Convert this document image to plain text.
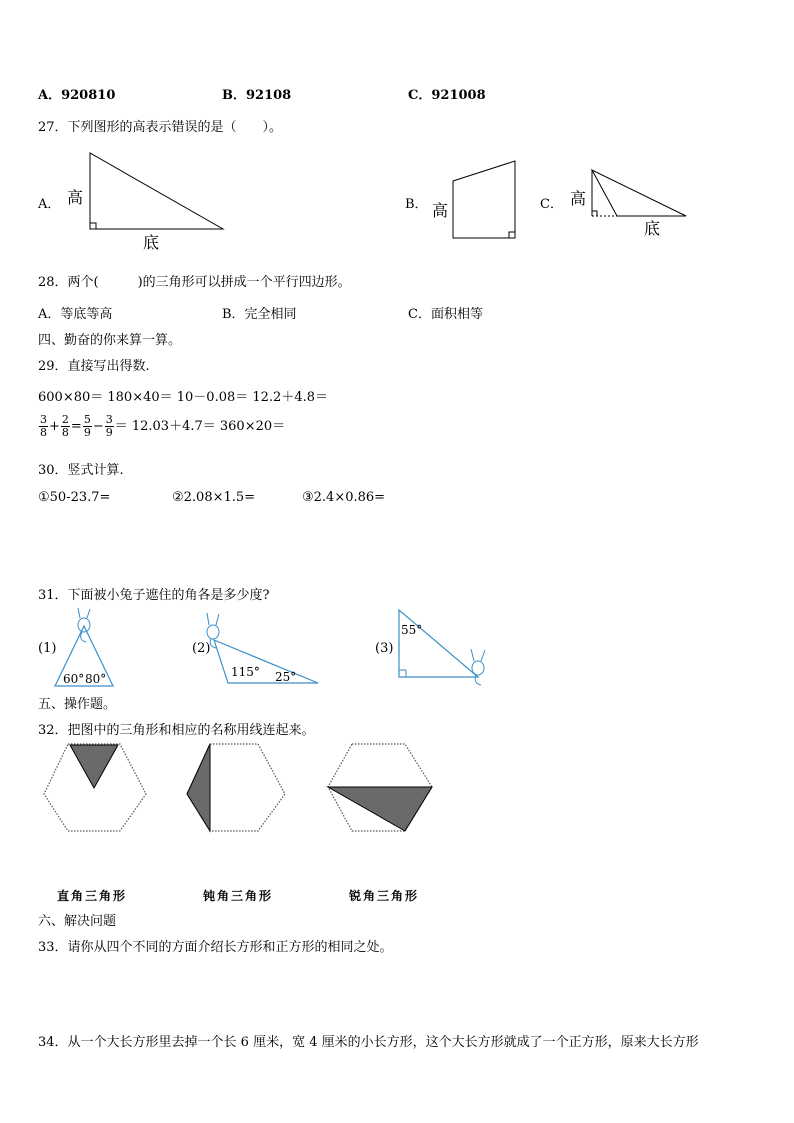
A．920810	B．92108	C．921008
27．下列图形的高表示错误的是（　　）。
A．	B．	C．
高
底
高
高
底
28．两个(　　　)的三角形可以拼成一个平行四边形。
A．等底等高	B．完全相同	C．面积相等
四、勤奋的你来算一算。
29．直接写出得数.
600×80＝ 180×40＝ 10－0.08＝ 12.2＋4.8＝
$\frac{3}{8} + \frac{2}{8} = \frac{5}{9} - \frac{3}{9} = 12.03+4.7= 360\times 20=$
30．竖式计算.
①50-23.7=	②2.08×1.5=	③2.4×0.86=
31．下面被小兔子遮住的角各是多少度?
(1)	(2)	(3)
60° 80°	115° 25°
55°
五、操作题。
32．把图中的三角形和相应的名称用线连起来。
直角三角形	钝角三角形	锐角三角形
六、解决问题
33．请你从四个不同的方面介绍长方形和正方形的相同之处。
34．从一个大长方形里去掉一个长 6 厘米，宽 4 厘米的小长方形，这个大长方形就成了一个正方形，原来大长方形
